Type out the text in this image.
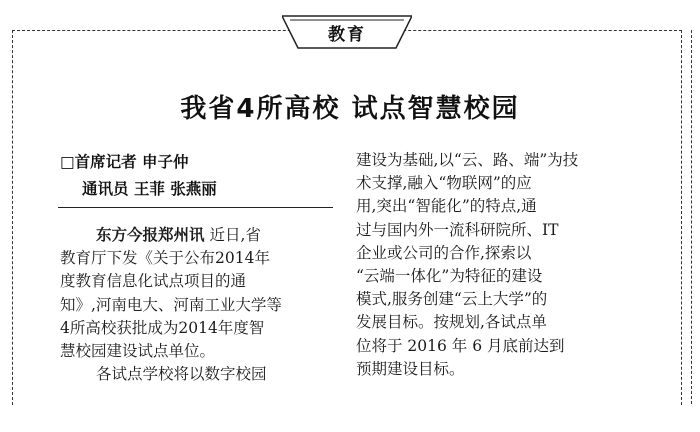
教育
我省4所高校 试点智慧校园
□首席记者 申子仲
通讯员 王菲 张燕丽
东方今报郑州讯 近日,省
教育厅下发《关于公布2014年
度教育信息化试点项目的通
知》,河南电大、河南工业大学等
4所高校获批成为2014年度智
慧校园建设试点单位。
各试点学校将以数字校园
建设为基础,以“云、路、端”为技
术支撑,融入“物联网”的应
用,突出“智能化”的特点,通
过与国内外一流科研院所、IT
企业或公司的合作,探索以
“云端一体化”为特征的建设
模式,服务创建“云上大学”的
发展目标。按规划,各试点单
位将于 2016 年 6 月底前达到
预期建设目标。
